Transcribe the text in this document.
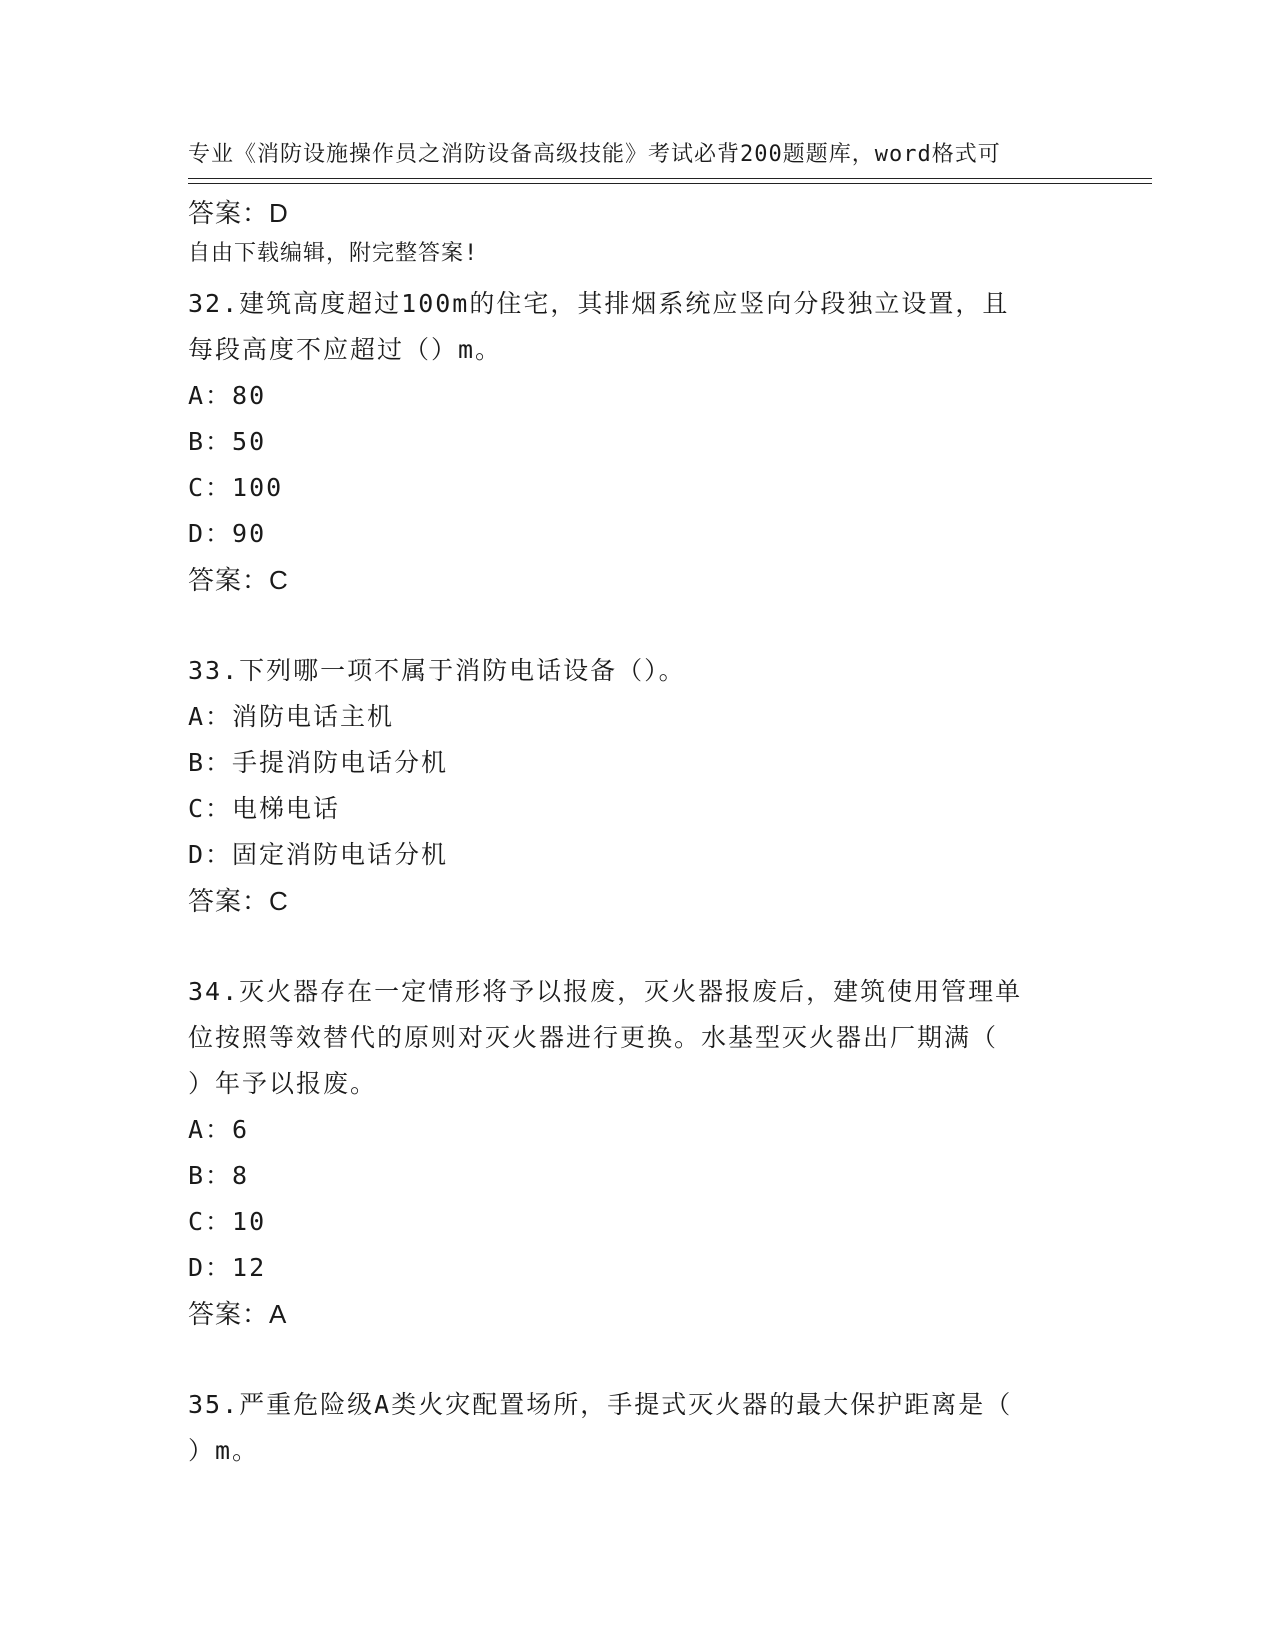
专业《消防设施操作员之消防设备高级技能》考试必背200题题库，word格式可

自由下载编辑，附完整答案!

答案：D
32.建筑高度超过100m的住宅，其排烟系统应竖向分段独立设置，且
每段高度不应超过（）m。
A：80
B：50
C：100
D：90
答案：C
33.下列哪一项不属于消防电话设备（）。
A：消防电话主机
B：手提消防电话分机
C：电梯电话
D：固定消防电话分机
答案：C
34.灭火器存在一定情形将予以报废，灭火器报废后，建筑使用管理单
位按照等效替代的原则对灭火器进行更换。水基型灭火器出厂期满（
）年予以报废。
A：6
B：8
C：10
D：12
答案：A
35.严重危险级A类火灾配置场所，手提式灭火器的最大保护距离是（
）m。
